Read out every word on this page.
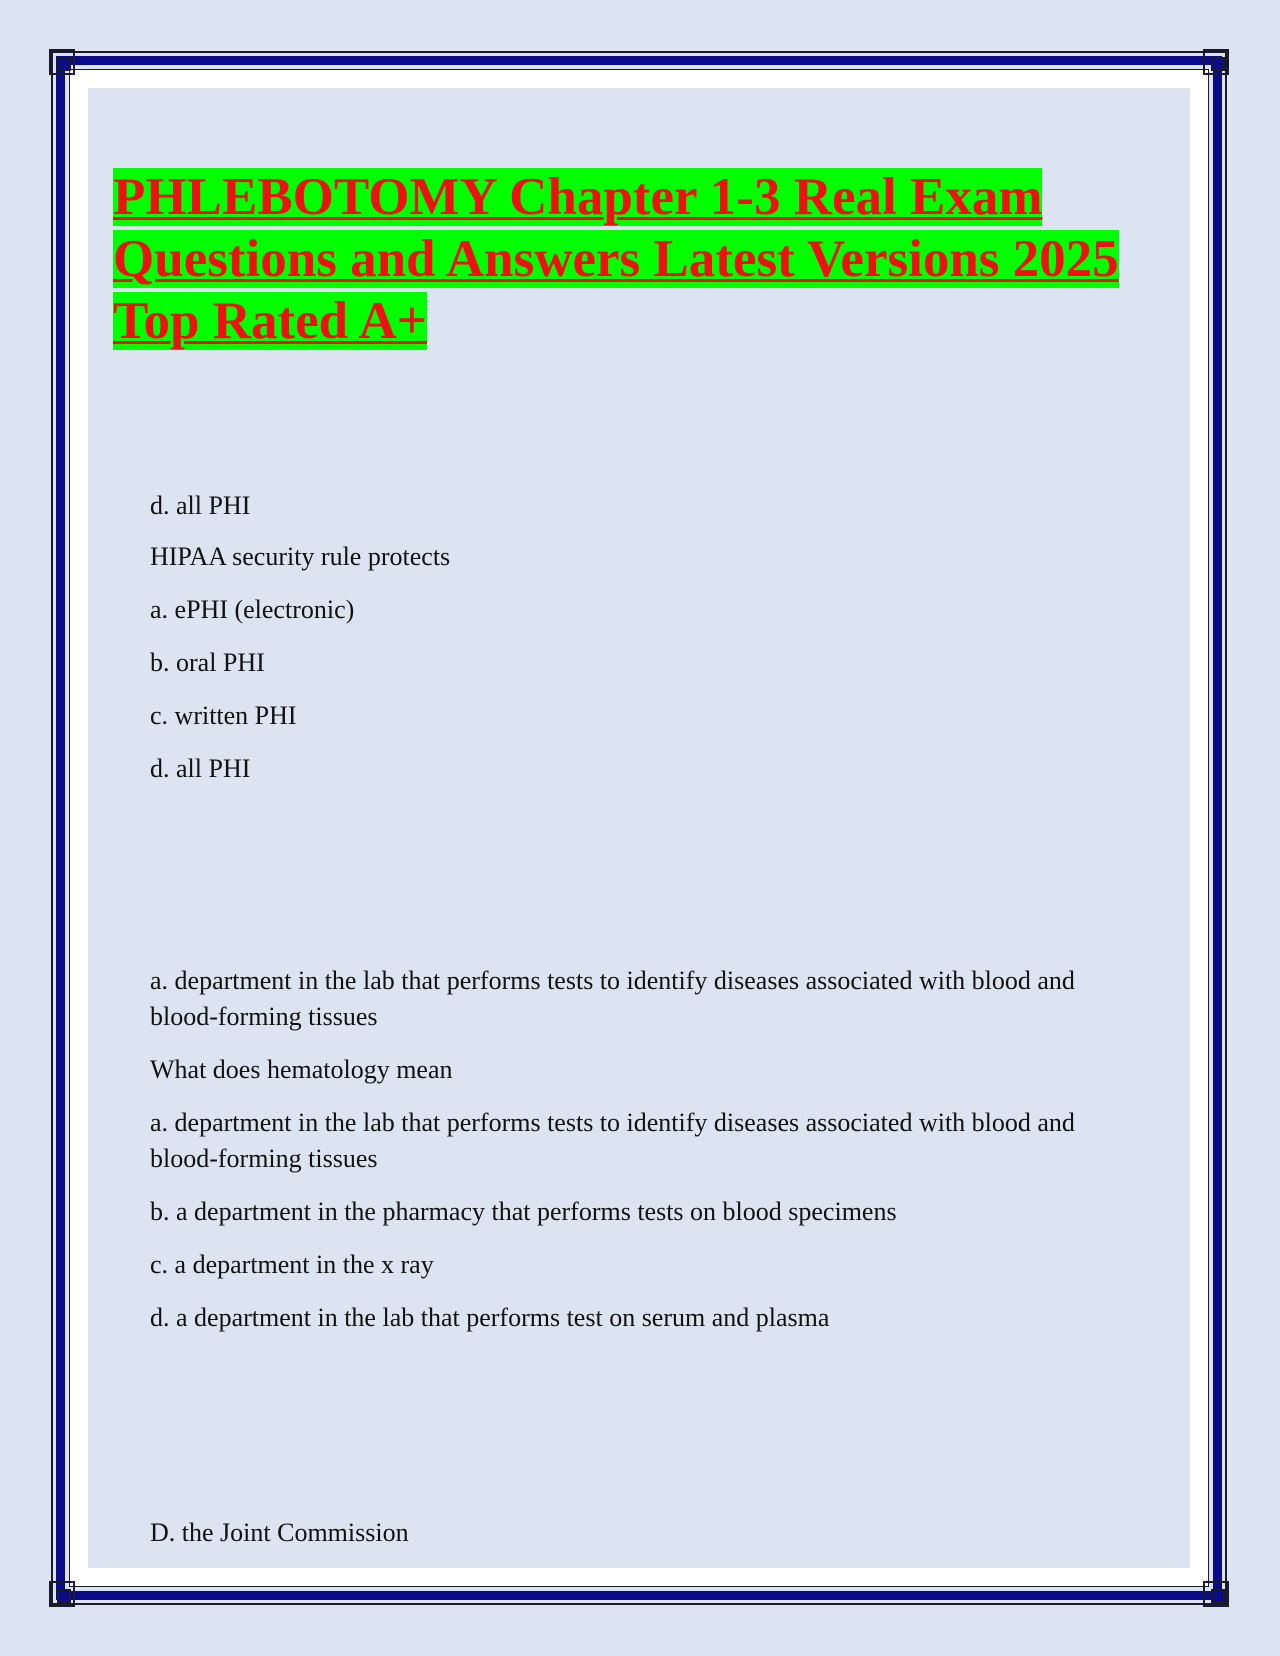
PHLEBOTOMY Chapter 1-3 Real Exam Questions and Answers Latest Versions 2025 Top Rated A+

d. all PHI

HIPAA security rule protects

a. ePHI (electronic)

b. oral PHI

c. written PHI

d. all PHI

a. department in the lab that performs tests to identify diseases associated with blood and blood-forming tissues

What does hematology mean

a. department in the lab that performs tests to identify diseases associated with blood and blood-forming tissues

b. a department in the pharmacy that performs tests on blood specimens

c. a department in the x ray

d. a department in the lab that performs test on serum and plasma

D. the Joint Commission
